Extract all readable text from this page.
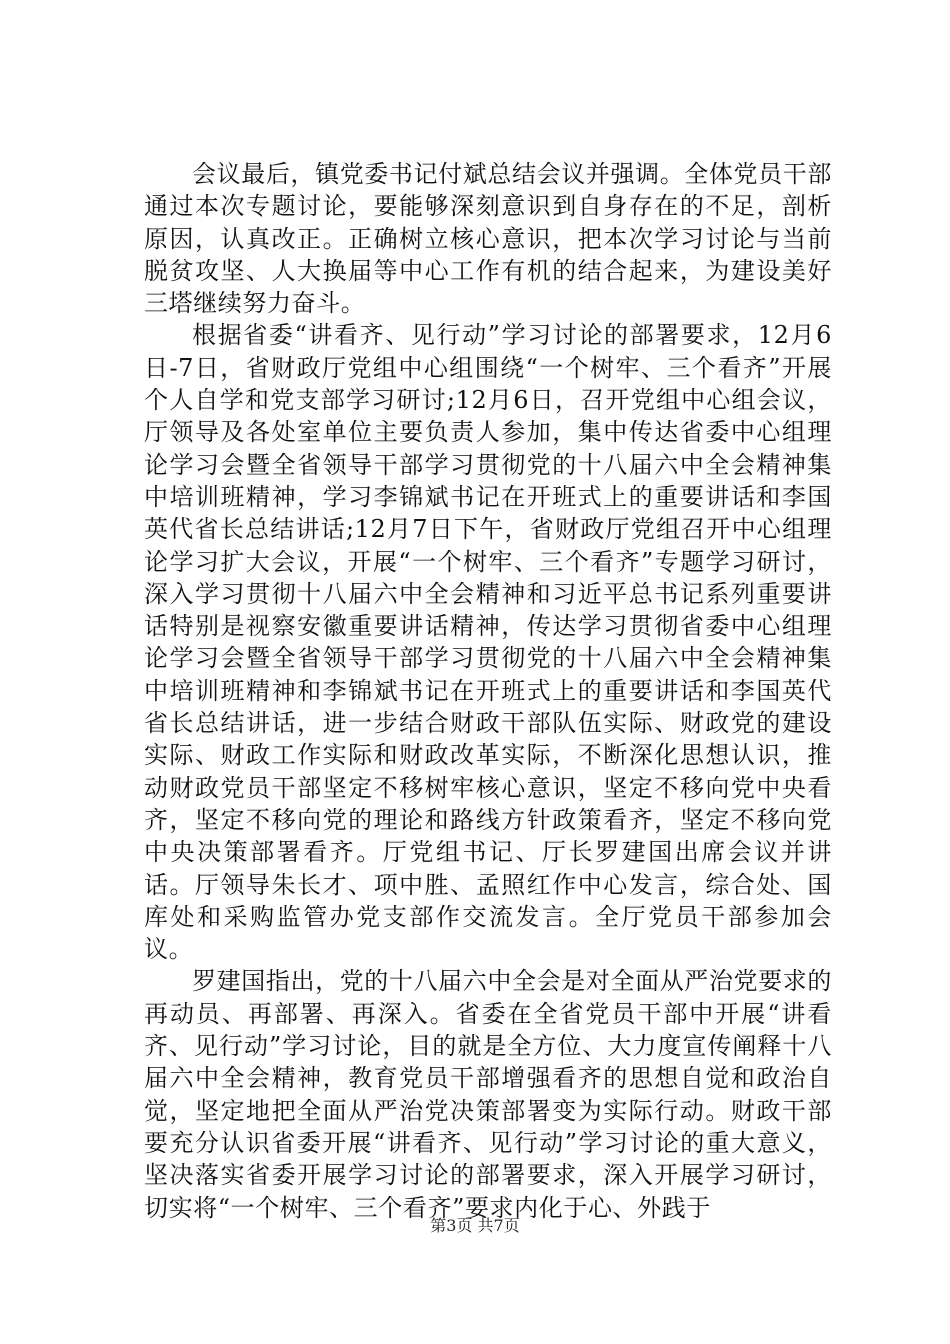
会议最后，镇党委书记付斌总结会议并强调。全体党员干部通过本次专题讨论，要能够深刻意识到自身存在的不足，剖析原因，认真改正。正确树立核心意识，把本次学习讨论与当前脱贫攻坚、人大换届等中心工作有机的结合起来，为建设美好三塔继续努力奋斗。

根据省委“讲看齐、见行动”学习讨论的部署要求，12月6日-7日，省财政厅党组中心组围绕“一个树牢、三个看齐”开展个人自学和党支部学习研讨;12月6日，召开党组中心组会议，厅领导及各处室单位主要负责人参加，集中传达省委中心组理论学习会暨全省领导干部学习贯彻党的十八届六中全会精神集中培训班精神，学习李锦斌书记在开班式上的重要讲话和李国英代省长总结讲话;12月7日下午，省财政厅党组召开中心组理论学习扩大会议，开展“一个树牢、三个看齐”专题学习研讨，深入学习贯彻十八届六中全会精神和习近平总书记系列重要讲话特别是视察安徽重要讲话精神，传达学习贯彻省委中心组理论学习会暨全省领导干部学习贯彻党的十八届六中全会精神集中培训班精神和李锦斌书记在开班式上的重要讲话和李国英代省长总结讲话，进一步结合财政干部队伍实际、财政党的建设实际、财政工作实际和财政改革实际，不断深化思想认识，推动财政党员干部坚定不移树牢核心意识，坚定不移向党中央看齐，坚定不移向党的理论和路线方针政策看齐，坚定不移向党中央决策部署看齐。厅党组书记、厅长罗建国出席会议并讲话。厅领导朱长才、项中胜、孟照红作中心发言，综合处、国库处和采购监管办党支部作交流发言。全厅党员干部参加会议。

罗建国指出，党的十八届六中全会是对全面从严治党要求的再动员、再部署、再深入。省委在全省党员干部中开展“讲看齐、见行动”学习讨论，目的就是全方位、大力度宣传阐释十八届六中全会精神，教育党员干部增强看齐的思想自觉和政治自觉，坚定地把全面从严治党决策部署变为实际行动。财政干部要充分认识省委开展“讲看齐、见行动”学习讨论的重大意义，坚决落实省委开展学习讨论的部署要求，深入开展学习研讨，切实将“一个树牢、三个看齐”要求内化于心、外践于

第3页 共7页
